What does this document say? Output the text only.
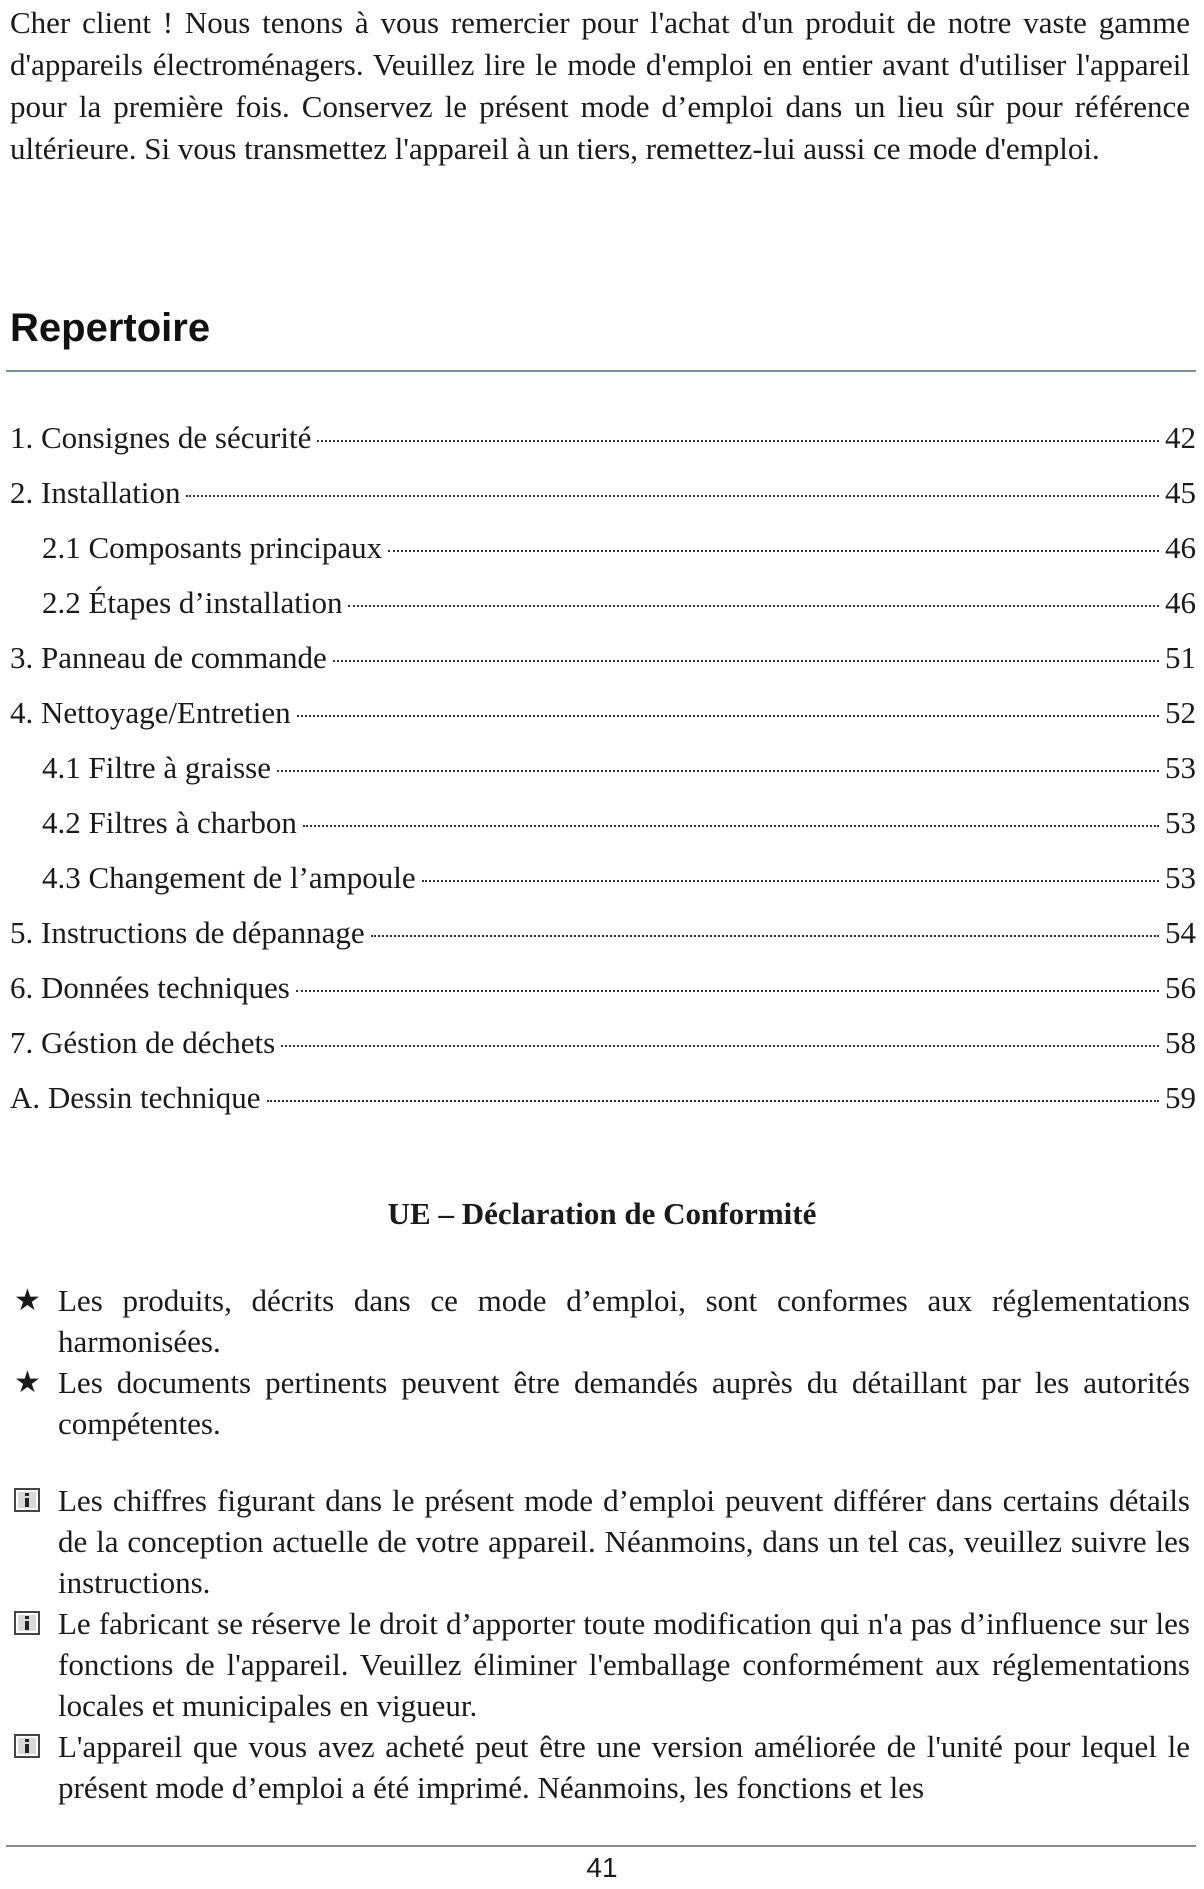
Cher client ! Nous tenons à vous remercier pour l'achat d'un produit de notre vaste gamme d'appareils électroménagers. Veuillez lire le mode d'emploi en entier avant d'utiliser l'appareil pour la première fois. Conservez le présent mode d’emploi dans un lieu sûr pour référence ultérieure. Si vous transmettez l'appareil à un tiers, remettez-lui aussi ce mode d'emploi.

Repertoire
1. Consignes de sécurité	42
2. Installation	45
2.1 Composants principaux	46
2.2 Étapes d’installation	46
3. Panneau de commande	51
4. Nettoyage/Entretien	52
4.1 Filtre à graisse	53
4.2 Filtres à charbon	53
4.3 Changement de l’ampoule	53
5. Instructions de dépannage	54
6. Données techniques	56
7. Géstion de déchets	58
A. Dessin technique	59
UE – Déclaration de Conformité
★ Les produits, décrits dans ce mode d’emploi, sont conformes aux réglementations harmonisées.
★ Les documents pertinents peuvent être demandés auprès du détaillant par les autorités compétentes.
Les chiffres figurant dans le présent mode d’emploi peuvent différer dans certains détails de la conception actuelle de votre appareil. Néanmoins, dans un tel cas, veuillez suivre les instructions.
Le fabricant se réserve le droit d’apporter toute modification qui n'a pas d’influence sur les fonctions de l'appareil. Veuillez éliminer l'emballage conformément aux réglementations locales et municipales en vigueur.
L'appareil que vous avez acheté peut être une version améliorée de l'unité pour lequel le présent mode d’emploi a été imprimé. Néanmoins, les fonctions et les

41
